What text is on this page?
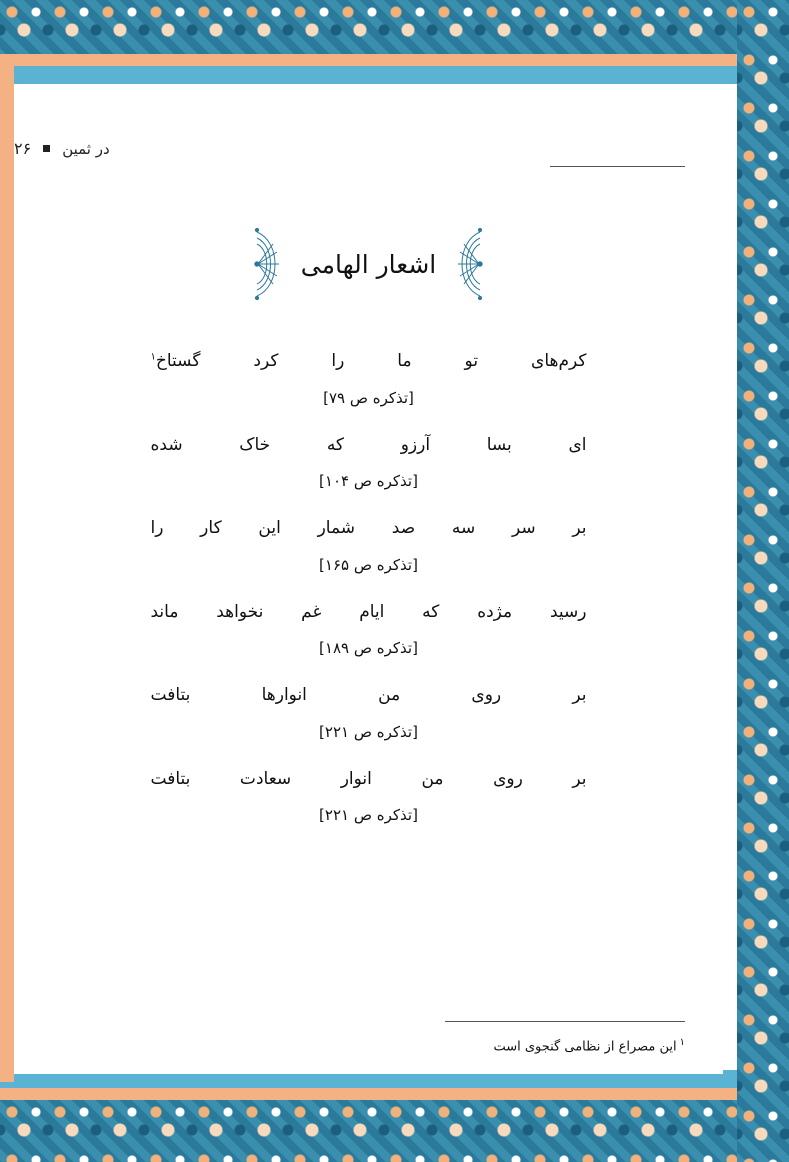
۲۶ در ثمین
اشعار الهامی
کرم‌های تو ما را کرد گستاخ$^۱$
[تذکره ص ۷۹]
ای بسا آرزو که خاک شده
[تذکره ص ۱۰۴]
بر سر سه صد شمار این کار را
[تذکره ص ۱۶۵]
رسید مژده که ایام غم نخواهد ماند
[تذکره ص ۱۸۹]
بر روی من انوارها بتافت
[تذکره ص ۲۲۱]
بر روی من انوار سعادت بتافت
[تذکره ص ۲۲۱]
$^۱$این مصراع از نظامی گنجوی است
